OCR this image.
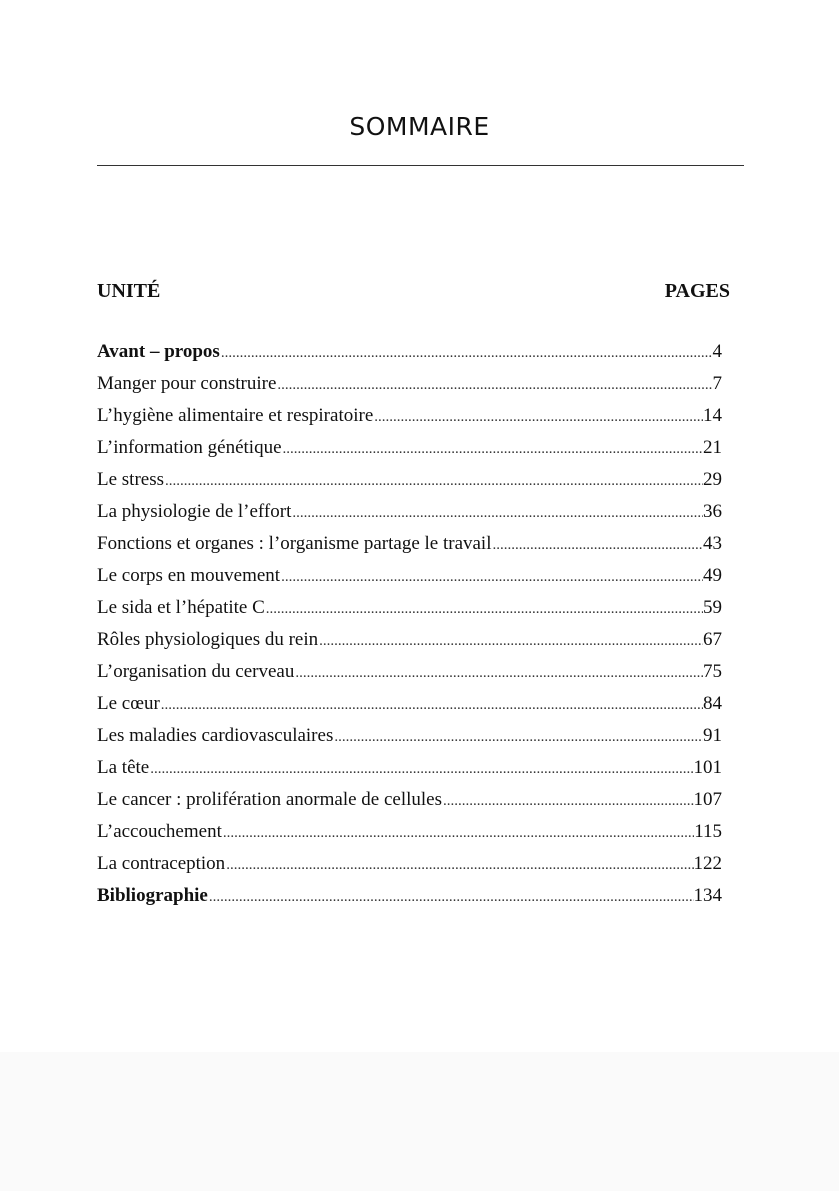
SOMMAIRE
UNITÉ	PAGES
Avant – propos .....	4
Manger pour construire .....	7
L’hygiène alimentaire et respiratoire .....	14
L’information génétique .....	21
Le stress .....	29
La physiologie de l’effort .....	36
Fonctions et organes : l’organisme partage le travail .....	43
Le corps en mouvement .....	49
Le sida et l’hépatite C .....	59
Rôles physiologiques du rein .....	67
L’organisation du cerveau .....	75
Le cœur .....	84
Les maladies cardiovasculaires .....	91
La tête .....	101
Le cancer : prolifération anormale de cellules .....	107
L’accouchement .....	115
La contraception .....	122
Bibliographie .....	134
